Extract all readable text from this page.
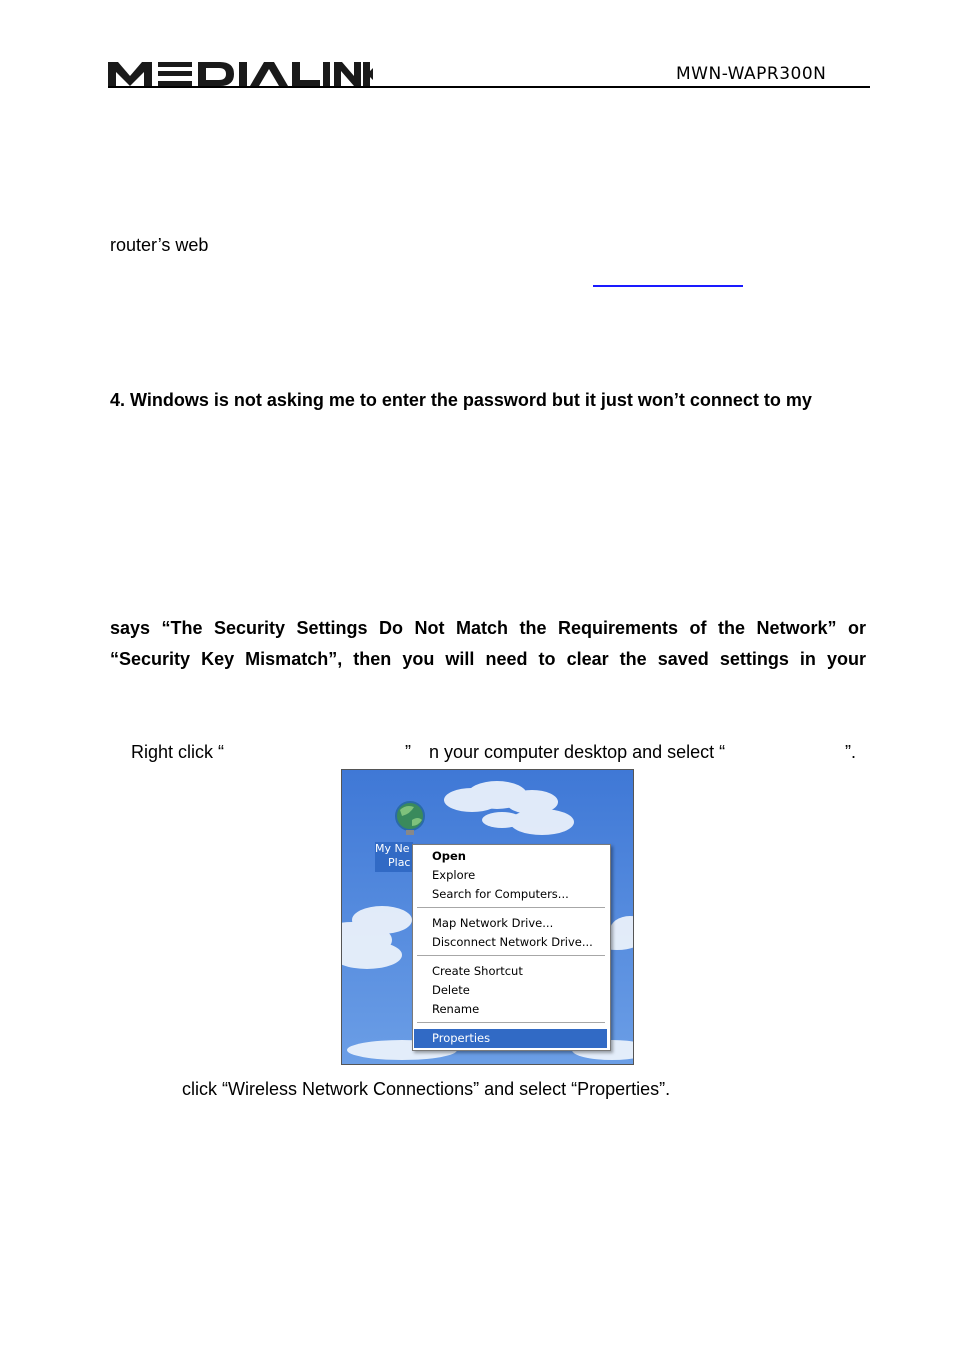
MWN-WAPR300N
router’s web
4. Windows is not asking me to enter the password but it just won’t connect to my
says “The Security Settings Do Not Match the Requirements of the Network” or
“Security Key Mismatch”, then you will need to clear the saved settings in your
Right click “	” n your computer desktop and select “	”.
My Ne
Plac	Open
Explore
Search for Computers...
Map Network Drive...
Disconnect Network Drive...
Create Shortcut
Delete
Rename
Properties
click “Wireless Network Connections” and select “Properties”.
